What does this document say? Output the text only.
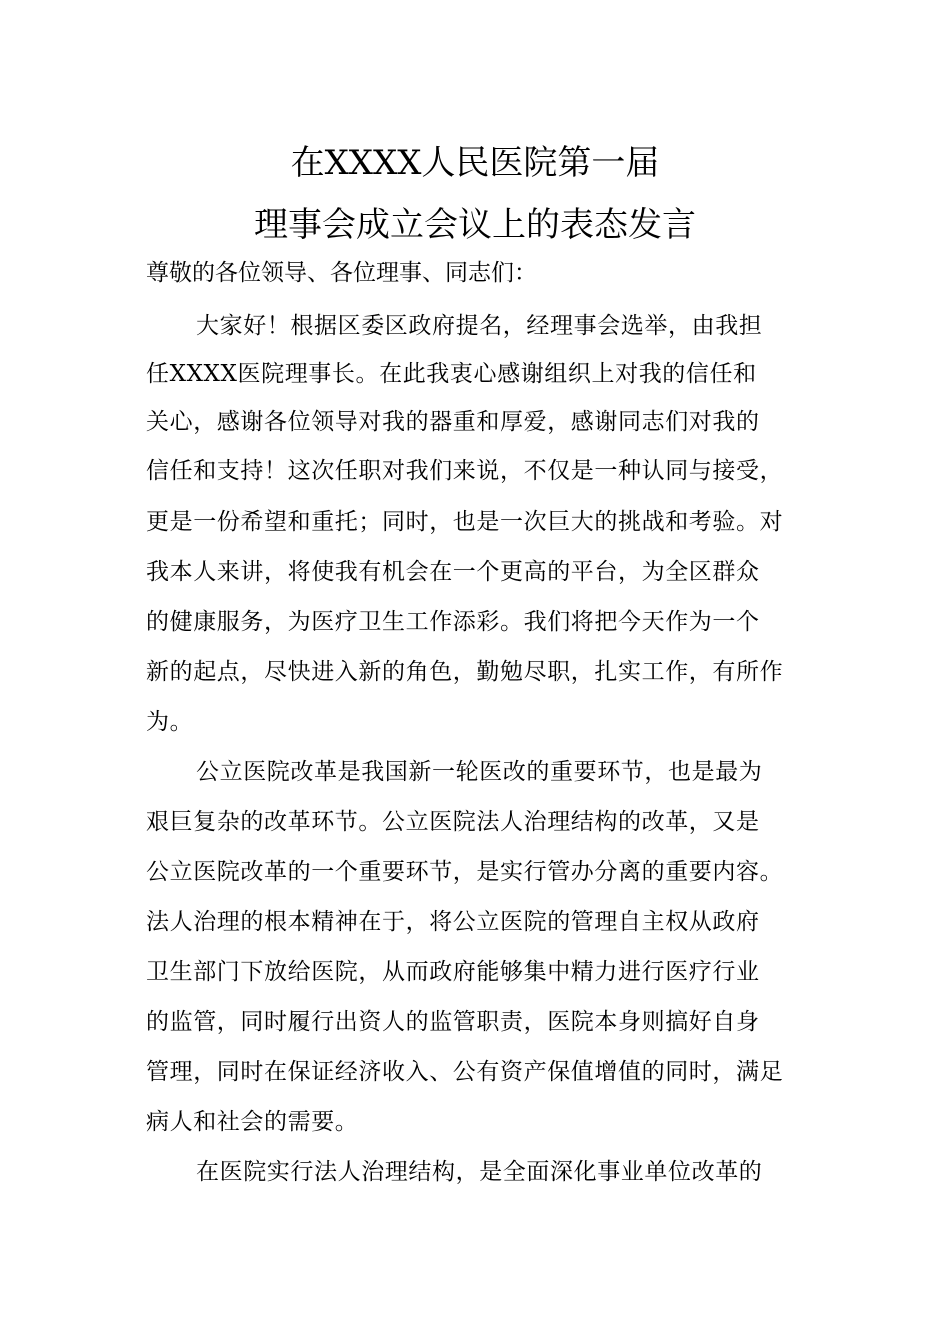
在XXXX人民医院第一届
理事会成立会议上的表态发言

尊敬的各位领导、各位理事、同志们：

大家好！根据区委区政府提名，经理事会选举，由我担

任XXXX医院理事长。在此我衷心感谢组织上对我的信任和

关心，感谢各位领导对我的器重和厚爱，感谢同志们对我的

信任和支持！这次任职对我们来说，不仅是一种认同与接受，

更是一份希望和重托；同时，也是一次巨大的挑战和考验。对

我本人来讲，将使我有机会在一个更高的平台，为全区群众

的健康服务，为医疗卫生工作添彩。我们将把今天作为一个

新的起点，尽快进入新的角色，勤勉尽职，扎实工作，有所作

为。

公立医院改革是我国新一轮医改的重要环节，也是最为

艰巨复杂的改革环节。公立医院法人治理结构的改革，又是

公立医院改革的一个重要环节，是实行管办分离的重要内容。

法人治理的根本精神在于，将公立医院的管理自主权从政府

卫生部门下放给医院，从而政府能够集中精力进行医疗行业

的监管，同时履行出资人的监管职责，医院本身则搞好自身

管理，同时在保证经济收入、公有资产保值增值的同时，满足

病人和社会的需要。

在医院实行法人治理结构，是全面深化事业单位改革的
